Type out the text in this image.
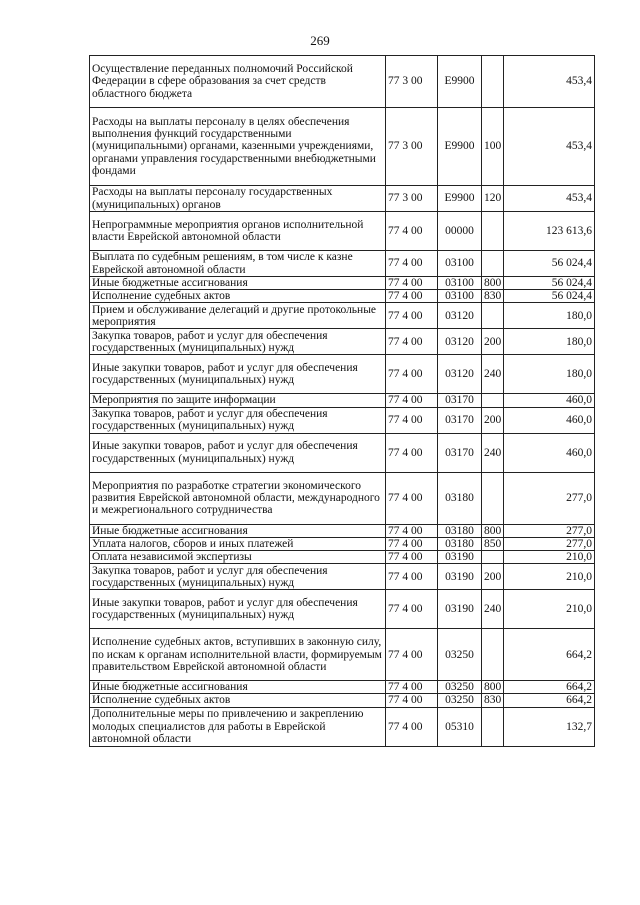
269
Осуществление переданных полномочий Российской Федерации в сфере образования за счет средств областного бюджета	77 3 00	Е9900		453,4
Расходы на выплаты персоналу в целях обеспечения выполнения функций государственными (муниципальными) органами, казенными учреждениями, органами управления государственными внебюджетными фондами	77 3 00	Е9900	100	453,4
Расходы на выплаты персоналу государственных (муниципальных) органов	77 3 00	Е9900	120	453,4
Непрограммные мероприятия органов исполнительной власти Еврейской автономной области	77 4 00	00000		123 613,6
Выплата по судебным решениям, в том числе к казне Еврейской автономной области	77 4 00	03100		56 024,4
Иные бюджетные ассигнования	77 4 00	03100	800	56 024,4
Исполнение судебных актов	77 4 00	03100	830	56 024,4
Прием и обслуживание делегаций и другие протокольные мероприятия	77 4 00	03120		180,0
Закупка товаров, работ и услуг для обеспечения государственных (муниципальных) нужд	77 4 00	03120	200	180,0
Иные закупки товаров, работ и услуг для обеспечения государственных (муниципальных) нужд	77 4 00	03120	240	180,0
Мероприятия по защите информации	77 4 00	03170		460,0
Закупка товаров, работ и услуг для обеспечения государственных (муниципальных) нужд	77 4 00	03170	200	460,0
Иные закупки товаров, работ и услуг для обеспечения государственных (муниципальных) нужд	77 4 00	03170	240	460,0
Мероприятия по разработке стратегии экономического развития Еврейской автономной области, международного и межрегионального сотрудничества	77 4 00	03180		277,0
Иные бюджетные ассигнования	77 4 00	03180	800	277,0
Уплата налогов, сборов и иных платежей	77 4 00	03180	850	277,0
Оплата независимой экспертизы	77 4 00	03190		210,0
Закупка товаров, работ и услуг для обеспечения государственных (муниципальных) нужд	77 4 00	03190	200	210,0
Иные закупки товаров, работ и услуг для обеспечения государственных (муниципальных) нужд	77 4 00	03190	240	210,0
Исполнение судебных актов, вступивших в законную силу, по искам к органам исполнительной власти, формируемым правительством Еврейской автономной области	77 4 00	03250		664,2
Иные бюджетные ассигнования	77 4 00	03250	800	664,2
Исполнение судебных актов	77 4 00	03250	830	664,2
Дополнительные меры по привлечению и закреплению молодых специалистов для работы в Еврейской автономной области	77 4 00	05310		132,7
